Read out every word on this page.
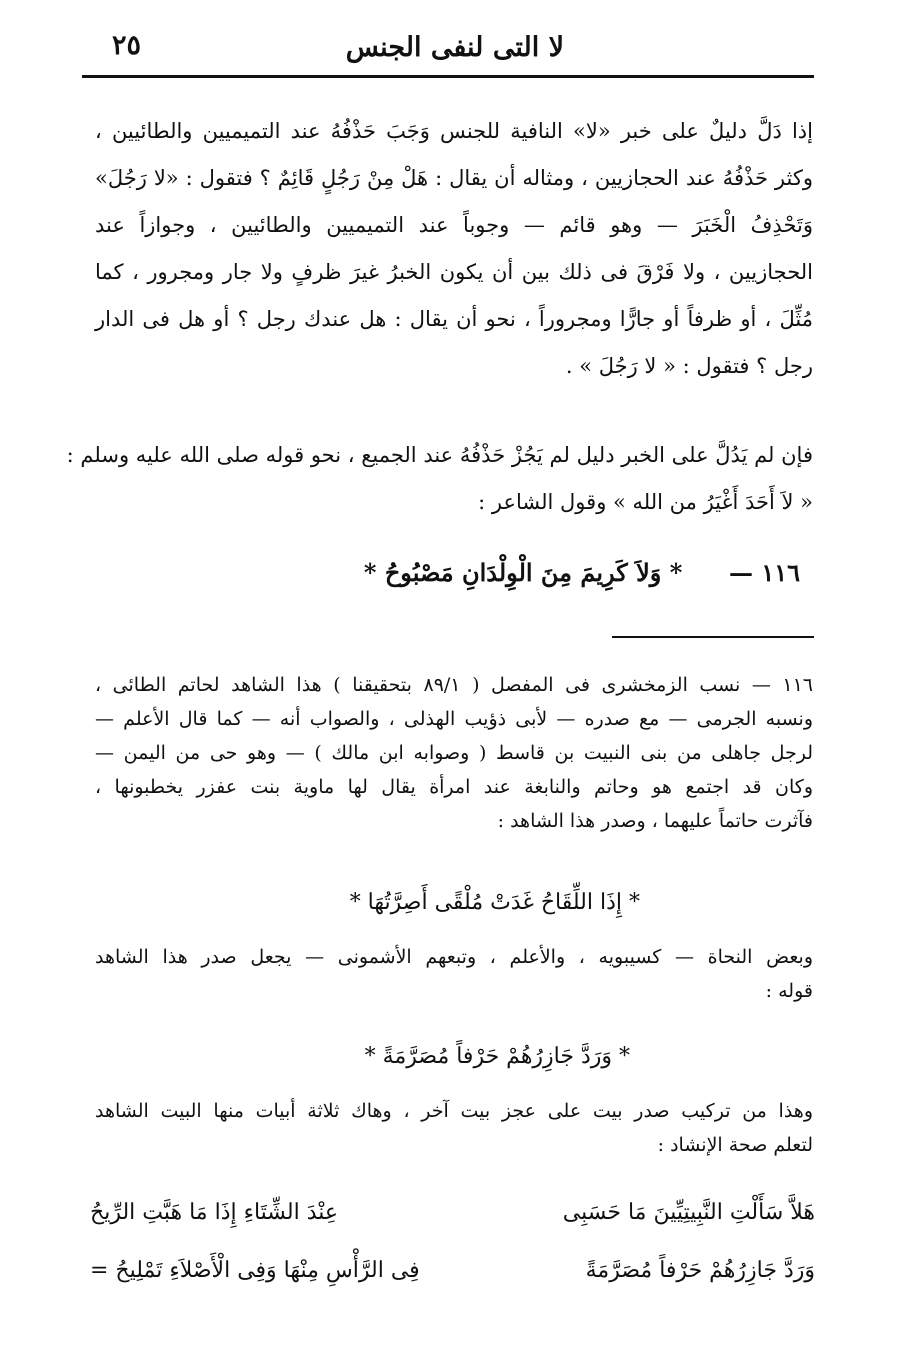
لا التى لنفى الجنس
٢٥

إذا دَلَّ دليلٌ على خبر «لا» النافية للجنس وَجَبَ حَذْفُهُ عند التميميين والطائيين ،
وكثر حَذْفُهُ عند الحجازيين ، ومثاله أن يقال : هَلْ مِنْ رَجُلٍ قَائِمٌ ؟ فتقول : «لا رَجُلَ»
وَتَحْذِفُ الْخَبَرَ — وهو قائم — وجوباً عند التميميين والطائيين ، وجوازاً عند
الحجازيين ، ولا فَرْقَ فى ذلك بين أن يكون الخبرُ غيرَ ظرفٍ ولا جار ومجرور ، كما
مُثِّلَ ، أو ظرفاً أو جارًّا ومجروراً ، نحو أن يقال : هل عندك رجل ؟ أو هل فى الدار
رجل ؟ فتقول : « لا رَجُلَ » .

فإن لم يَدُلَّ على الخبر دليل لم يَجُزْ حَذْفُهُ عند الجميع ، نحو قوله صلى الله عليه وسلم :
« لاَ أَحَدَ أَغْيَرُ من الله » وقول الشاعر :

١١٦ —  * وَلاَ كَرِيمَ مِنَ الْوِلْدَانِ مَصْبُوحُ *

١١٦ — نسب الزمخشرى فى المفصل ( ٨٩/١ بتحقيقنا ) هذا الشاهد لحاتم الطائى ،
ونسبه الجرمى — مع صدره — لأبى ذؤيب الهذلى ، والصواب أنه — كما قال الأعلم —
لرجل جاهلى من بنى النبيت بن قاسط ( وصوابه ابن مالك ) — وهو حى من اليمن —
وكان قد اجتمع هو وحاتم والنابغة عند امرأة يقال لها ماوية بنت عفزر يخطبونها ،
فآثرت حاتماً عليهما ، وصدر هذا الشاهد :

* إِذَا اللِّقَاحُ غَدَتْ مُلْقًى أَصِرَّتُهَا *

وبعض النحاة — كسيبويه ، والأعلم ، وتبعهم الأشمونى — يجعل صدر هذا الشاهد
قوله :

* وَرَدَّ جَازِرُهُمْ حَرْفاً مُصَرَّمَةً *

وهذا من تركيب صدر بيت على عجز بيت آخر ، وهاك ثلاثة أبيات منها البيت الشاهد
لتعلم صحة الإنشاد :

هَلاَّ سَأَلْتِ النَّبِيتِيِّينَ مَا حَسَبِى
عِنْدَ الشِّتَاءِ إِذَا مَا هَبَّتِ الرِّيحُ
وَرَدَّ جَازِرُهُمْ حَرْفاً مُصَرَّمَةً
فِى الرَّأْسِ مِنْهَا وَفِى الْأَصْلاَءِ تَمْلِيحُ =
